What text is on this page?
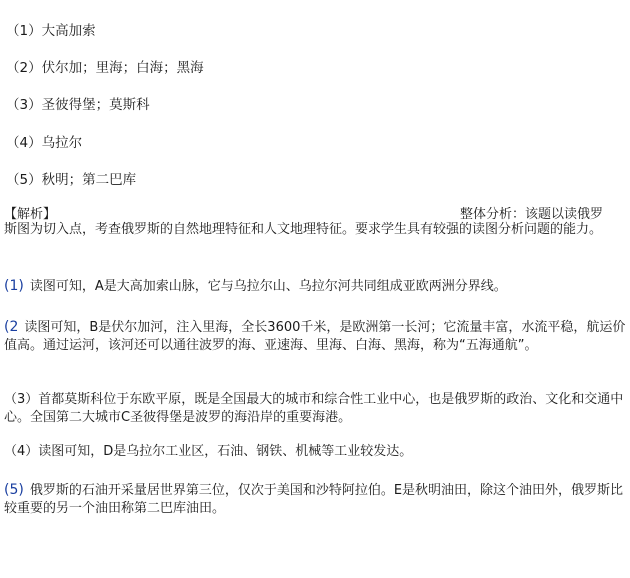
（1）大高加索
（2）伏尔加；里海；白海；黑海
（3）圣彼得堡；莫斯科
（4）乌拉尔
（5）秋明；第二巴库
【解析】	整体分析：该题以读俄罗
斯图为切入点，考查俄罗斯的自然地理特征和人文地理特征。要求学生具有较强的读图分析问题的能力。
(1) 读图可知，A是大高加索山脉，它与乌拉尔山、乌拉尔河共同组成亚欧两洲分界线。
(2 读图可知，B是伏尔加河，注入里海，全长3600千米，是欧洲第一长河；它流量丰富，水流平稳，航运价值高。通过运河，该河还可以通往波罗的海、亚速海、里海、白海、黑海，称为“五海通航”。
（3）首都莫斯科位于东欧平原，既是全国最大的城市和综合性工业中心，也是俄罗斯的政治、文化和交通中心。全国第二大城市C圣彼得堡是波罗的海沿岸的重要海港。
（4）读图可知，D是乌拉尔工业区，石油、钢铁、机械等工业较发达。
(5) 俄罗斯的石油开采量居世界第三位，仅次于美国和沙特阿拉伯。E是秋明油田，除这个油田外，俄罗斯比较重要的另一个油田称第二巴库油田。
